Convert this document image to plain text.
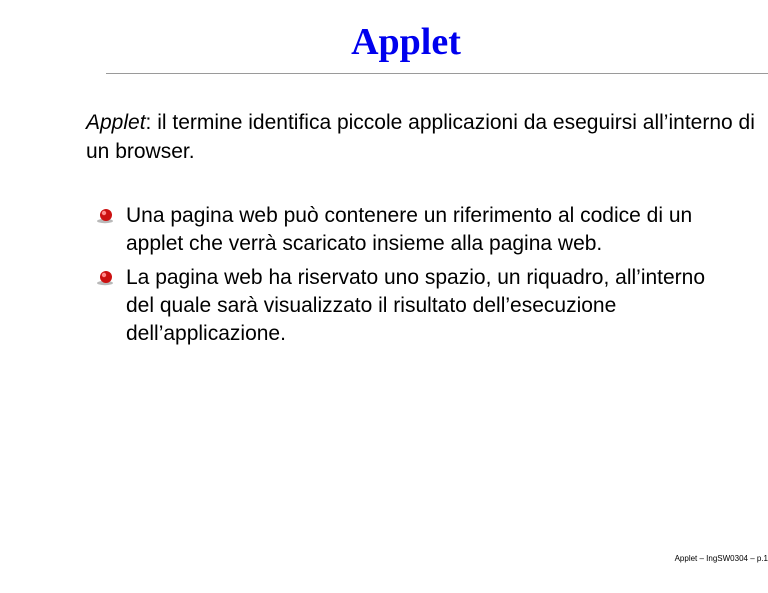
Applet

Applet: il termine identifica piccole applicazioni da eseguirsi all’interno di un browser.

Una pagina web può contenere un riferimento al codice di un applet che verrà scaricato insieme alla pagina web.
La pagina web ha riservato uno spazio, un riquadro, all’interno del quale sarà visualizzato il risultato dell’esecuzione dell’applicazione.
Applet – IngSW0304 – p.1
